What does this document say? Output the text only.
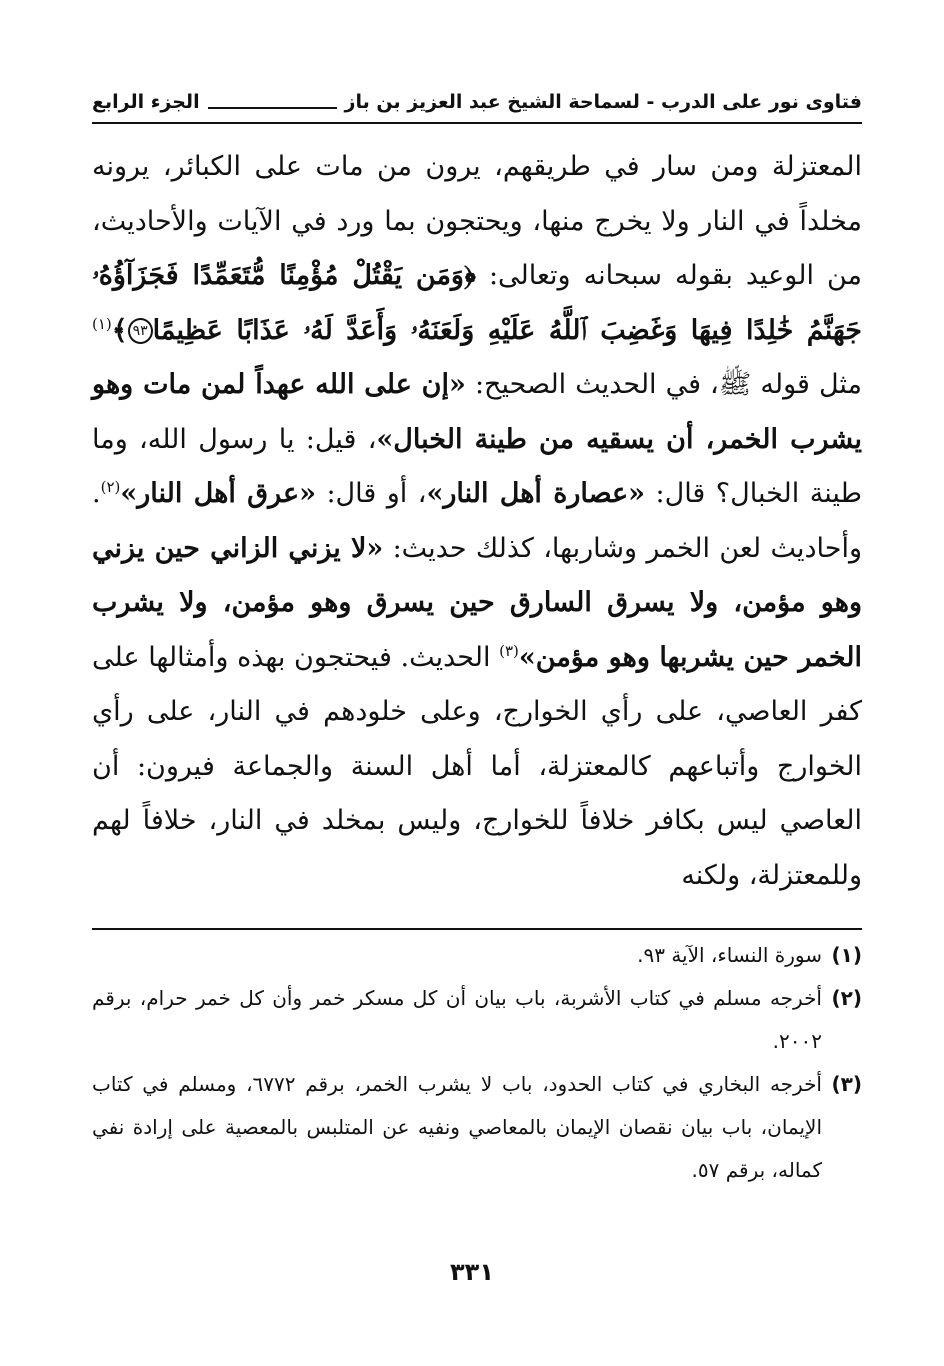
فتاوى نور على الدرب - لسماحة الشيخ عبد العزيز بن باز
الجزء الرابع

المعتزلة ومن سار في طريقهم، يرون من مات على الكبائر، يرونه مخلداً في النار ولا يخرج منها، ويحتجون بما ورد في الآيات والأحاديث، من الوعيد بقوله سبحانه وتعالى: ﴿وَمَن يَقْتُلْ مُؤْمِنًا مُّتَعَمِّدًا فَجَزَآؤُهُۥ جَهَنَّمُ خَٰلِدًا فِيهَا وَغَضِبَ ٱللَّهُ عَلَيْهِ وَلَعَنَهُۥ وَأَعَدَّ لَهُۥ عَذَابًا عَظِيمًا٩٣﴾$^{(١)}$ مثل قوله ﷺ، في الحديث الصحيح: «إن على الله عهداً لمن مات وهو يشرب الخمر، أن يسقيه من طينة الخبال»، قيل: يا رسول الله، وما طينة الخبال؟ قال: «عصارة أهل النار»، أو قال: «عرق أهل النار»$^{(٢)}$. وأحاديث لعن الخمر وشاربها، كذلك حديث: «لا يزني الزاني حين يزني وهو مؤمن، ولا يسرق السارق حين يسرق وهو مؤمن، ولا يشرب الخمر حين يشربها وهو مؤمن»$^{(٣)}$ الحديث. فيحتجون بهذه وأمثالها على كفر العاصي، على رأي الخوارج، وعلى خلودهم في النار، على رأي الخوارج وأتباعهم كالمعتزلة، أما أهل السنة والجماعة فيرون: أن العاصي ليس بكافر خلافاً للخوارج، وليس بمخلد في النار، خلافاً لهم وللمعتزلة، ولكنه

(١)
سورة النساء، الآية ٩٣.
(٢)
أخرجه مسلم في كتاب الأشربة، باب بيان أن كل مسكر خمر وأن كل خمر حرام، برقم ٢٠٠٢.
(٣)
أخرجه البخاري في كتاب الحدود، باب لا يشرب الخمر، برقم ٦٧٧٢، ومسلم في كتاب الإيمان، باب بيان نقصان الإيمان بالمعاصي ونفيه عن المتلبس بالمعصية على إرادة نفي كماله، برقم ٥٧.
٣٣١
